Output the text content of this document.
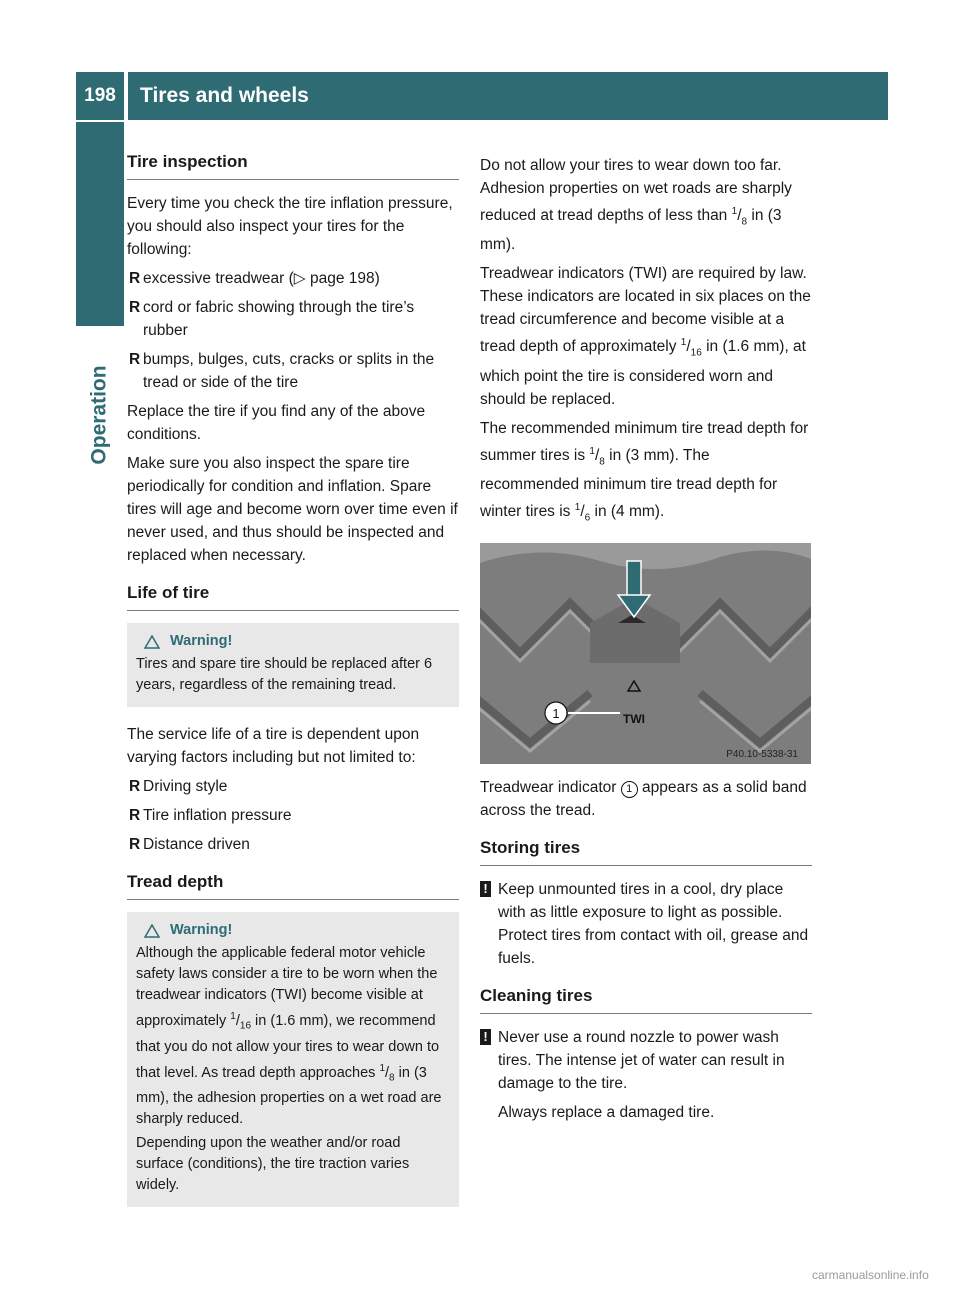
198	Tires and wheels
Operation
Tire inspection

Every time you check the tire inflation pressure, you should also inspect your tires for the following:

R excessive treadwear (▷ page 198)
R cord or fabric showing through the tire’s rubber
R bumps, bulges, cuts, cracks or splits in the tread or side of the tire

Replace the tire if you find any of the above conditions.

Make sure you also inspect the spare tire periodically for condition and inflation. Spare tires will age and become worn over time even if never used, and thus should be inspected and replaced when necessary.

Life of tire
Warning!

Tires and spare tire should be replaced after 6 years, regardless of the remaining tread.

The service life of a tire is dependent upon varying factors including but not limited to:

R Driving style
R Tire inflation pressure
R Distance driven
Tread depth
Warning!

Although the applicable federal motor vehicle safety laws consider a tire to be worn when the treadwear indicators (TWI) become visible at approximately $^1/_{16}$ in (1.6 mm), we recommend that you do not allow your tires to wear down to that level. As tread depth approaches $^1/_8$ in (3 mm), the adhesion properties on a wet road are sharply reduced.

Depending upon the weather and/or road surface (conditions), the tire traction varies widely.

Do not allow your tires to wear down too far. Adhesion properties on wet roads are sharply reduced at tread depths of less than $^1/_8$ in (3 mm).

Treadwear indicators (TWI) are required by law. These indicators are located in six places on the tread circumference and become visible at a tread depth of approximately $^1/_{16}$ in (1.6 mm), at which point the tire is considered worn and should be replaced.

The recommended minimum tire tread depth for summer tires is $^1/_8$ in (3 mm). The recommended minimum tire tread depth for winter tires is $^1/_6$ in (4 mm).

TWI
1
P40.10-5338-31

Treadwear indicator 1 appears as a solid band across the tread.

Storing tires
! Keep unmounted tires in a cool, dry place with as little exposure to light as possible. Protect tires from contact with oil, grease and fuels.
Cleaning tires
! Never use a round nozzle to power wash tires. The intense jet of water can result in damage to the tire.

Always replace a damaged tire.

carmanualsonline.info
